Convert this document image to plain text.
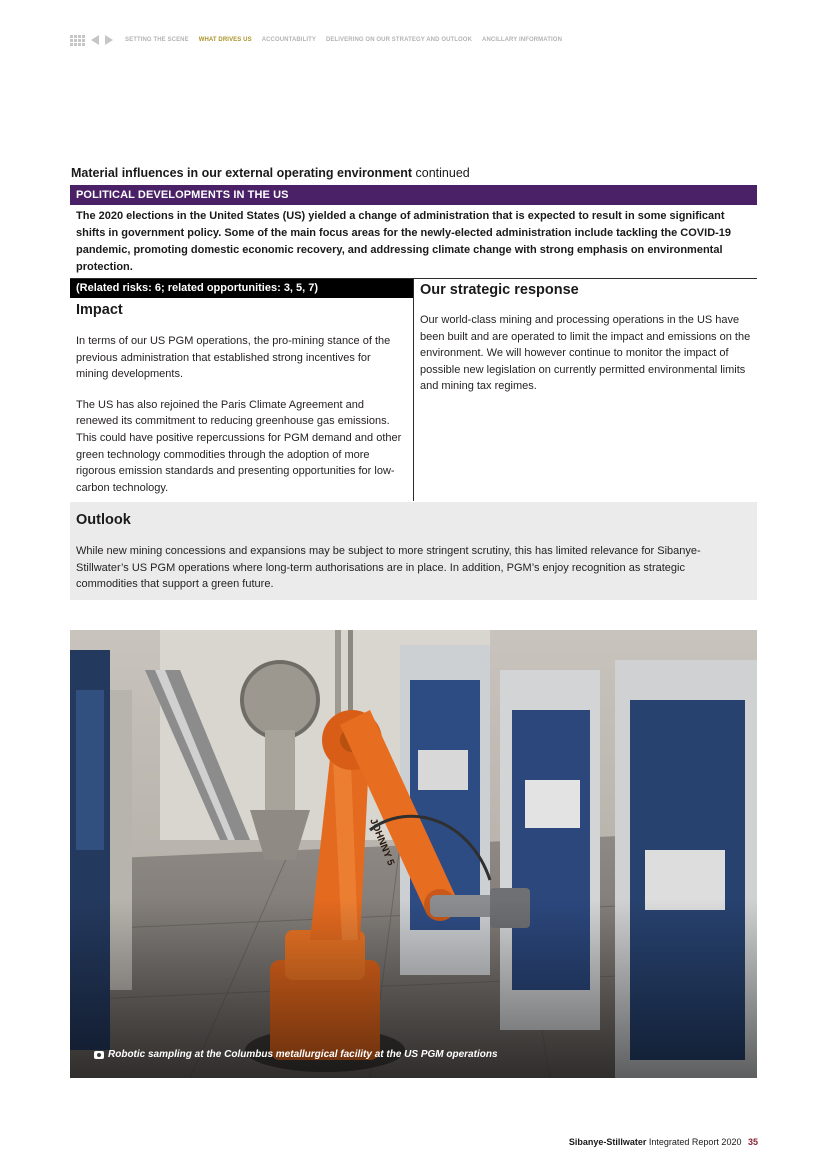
SETTING THE SCENE WHAT DRIVES US ACCOUNTABILITY DELIVERING ON OUR STRATEGY AND OUTLOOK ANCILLARY INFORMATION
Material influences in our external operating environment continued
POLITICAL DEVELOPMENTS IN THE US
The 2020 elections in the United States (US) yielded a change of administration that is expected to result in some significant shifts in government policy. Some of the main focus areas for the newly-elected administration include tackling the COVID-19 pandemic, promoting domestic economic recovery, and addressing climate change with strong emphasis on environmental protection.
(Related risks: 6; related opportunities: 3, 5, 7)
Impact

In terms of our US PGM operations, the pro-mining stance of the previous administration that established strong incentives for mining developments.

The US has also rejoined the Paris Climate Agreement and renewed its commitment to reducing greenhouse gas emissions. This could have positive repercussions for PGM demand and other green technology commodities through the adoption of more rigorous emission standards and presenting opportunities for low-carbon technology.

Our strategic response
Our world-class mining and processing operations in the US have been built and are operated to limit the impact and emissions on the environment. We will however continue to monitor the impact of possible new legislation on currently permitted environmental limits and mining tax regimes.
Outlook
While new mining concessions and expansions may be subject to more stringent scrutiny, this has limited relevance for Sibanye-Stillwater’s US PGM operations where long-term authorisations are in place. In addition, PGM’s enjoy recognition as strategic commodities that support a green future.
Robotic sampling at the Columbus metallurgical facility at the US PGM operations
Sibanye-Stillwater Integrated Report 2020 35
